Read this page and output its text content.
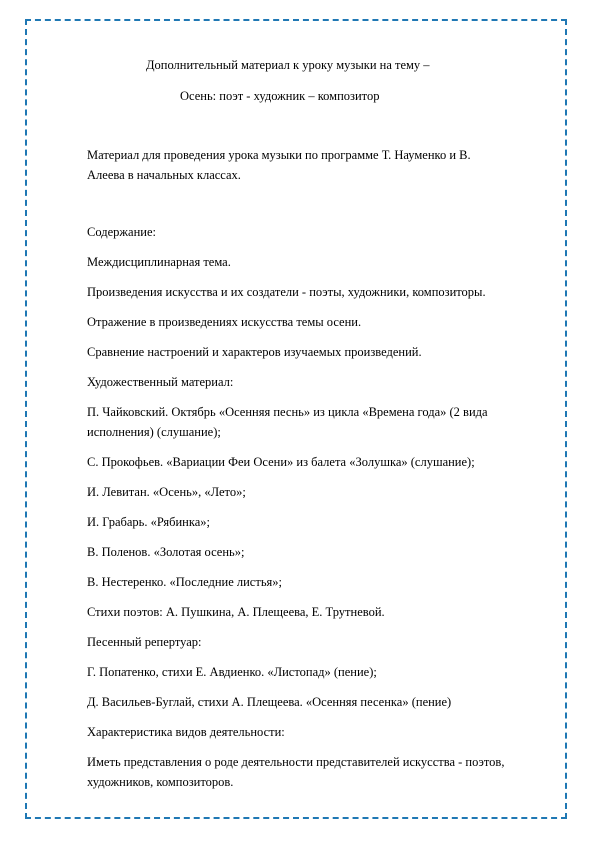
Дополнительный материал к уроку музыки на тему –
Осень: поэт - художник – композитор
Материал для проведения урока музыки по программе Т. Науменко и В.
Алеева в начальных классах.
Содержание:
Междисциплинарная тема.
Произведения искусства и их создатели - поэты, художники, композиторы.
Отражение в произведениях искусства темы осени.
Сравнение настроений и характеров изучаемых произведений.
Художественный материал:
П. Чайковский. Октябрь «Осенняя песнь» из цикла «Времена года» (2 вида
исполнения) (слушание);
С. Прокофьев. «Вариации Феи Осени» из балета «Золушка» (слушание);
И. Левитан. «Осень», «Лето»;
И. Грабарь. «Рябинка»;
В. Поленов. «Золотая осень»;
В. Нестеренко. «Последние листья»;
Стихи поэтов: А. Пушкина, А. Плещеева, Е. Трутневой.
Песенный репертуар:
Г. Попатенко, стихи Е. Авдиенко. «Листопад» (пение);
Д. Васильев-Буглай, стихи А. Плещеева. «Осенняя песенка» (пение)
Характеристика видов деятельности:
Иметь представления о роде деятельности представителей искусства - поэтов,
художников, композиторов.
